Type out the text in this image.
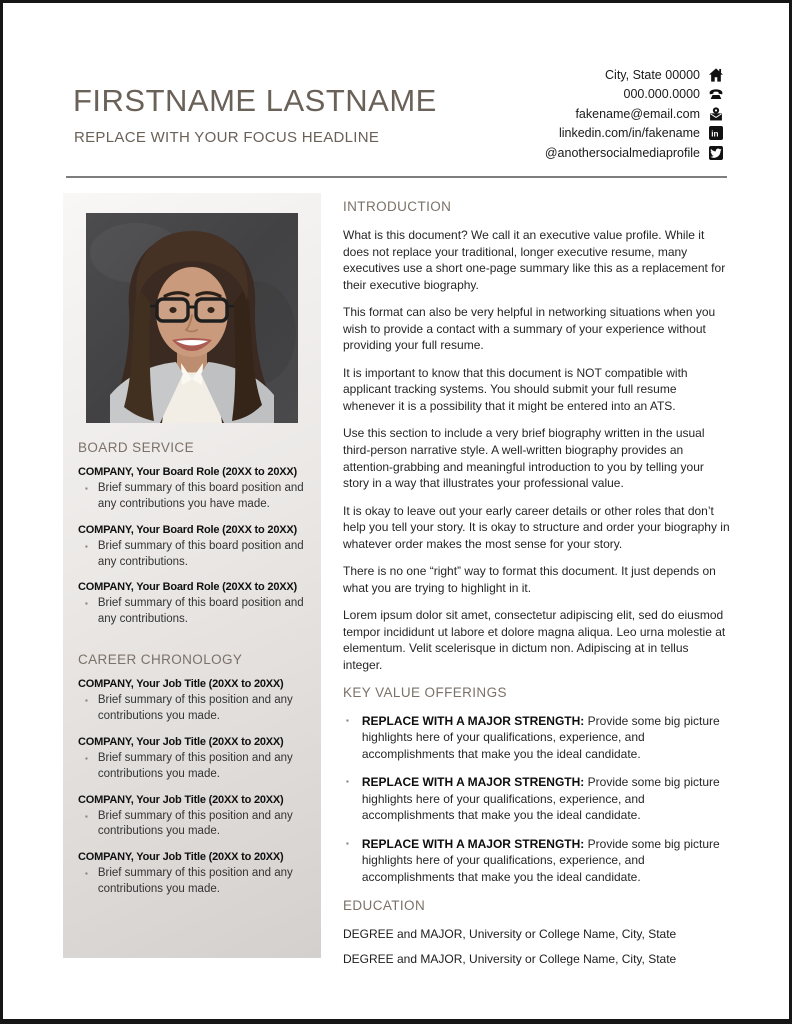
FIRSTNAME LASTNAME
REPLACE WITH YOUR FOCUS HEADLINE
City, State 00000
000.000.0000
fakename@email.com
linkedin.com/in/fakename in
@anothersocialmediaprofile
BOARD SERVICE
COMPANY, Your Board Role (20XX to 20XX)
▪ Brief summary of this board position and any contributions you have made.
COMPANY, Your Board Role (20XX to 20XX)
▪ Brief summary of this board position and any contributions.
COMPANY, Your Board Role (20XX to 20XX)
▪ Brief summary of this board position and any contributions.
CAREER CHRONOLOGY
COMPANY, Your Job Title (20XX to 20XX)
▪ Brief summary of this position and any contributions you made.
COMPANY, Your Job Title (20XX to 20XX)
▪ Brief summary of this position and any contributions you made.
COMPANY, Your Job Title (20XX to 20XX)
▪ Brief summary of this position and any contributions you made.
COMPANY, Your Job Title (20XX to 20XX)
▪ Brief summary of this position and any contributions you made.
INTRODUCTION

What is this document? We call it an executive value profile. While it does not replace your traditional, longer executive resume, many executives use a short one-page summary like this as a replacement for their executive biography.

This format can also be very helpful in networking situations when you wish to provide a contact with a summary of your experience without providing your full resume.

It is important to know that this document is NOT compatible with applicant tracking systems. You should submit your full resume whenever it is a possibility that it might be entered into an ATS.

Use this section to include a very brief biography written in the usual third-person narrative style. A well-written biography provides an attention-grabbing and meaningful introduction to you by telling your story in a way that illustrates your professional value.

It is okay to leave out your early career details or other roles that don’t help you tell your story. It is okay to structure and order your biography in whatever order makes the most sense for your story.

There is no one “right” way to format this document. It just depends on what you are trying to highlight in it.

Lorem ipsum dolor sit amet, consectetur adipiscing elit, sed do eiusmod tempor incididunt ut labore et dolore magna aliqua. Leo urna molestie at elementum. Velit scelerisque in dictum non. Adipiscing at in tellus integer.

KEY VALUE OFFERINGS
▪ REPLACE WITH A MAJOR STRENGTH: Provide some big picture highlights here of your qualifications, experience, and accomplishments that make you the ideal candidate.
▪ REPLACE WITH A MAJOR STRENGTH: Provide some big picture highlights here of your qualifications, experience, and accomplishments that make you the ideal candidate.
▪ REPLACE WITH A MAJOR STRENGTH: Provide some big picture highlights here of your qualifications, experience, and accomplishments that make you the ideal candidate.
EDUCATION
DEGREE and MAJOR, University or College Name, City, State
DEGREE and MAJOR, University or College Name, City, State
